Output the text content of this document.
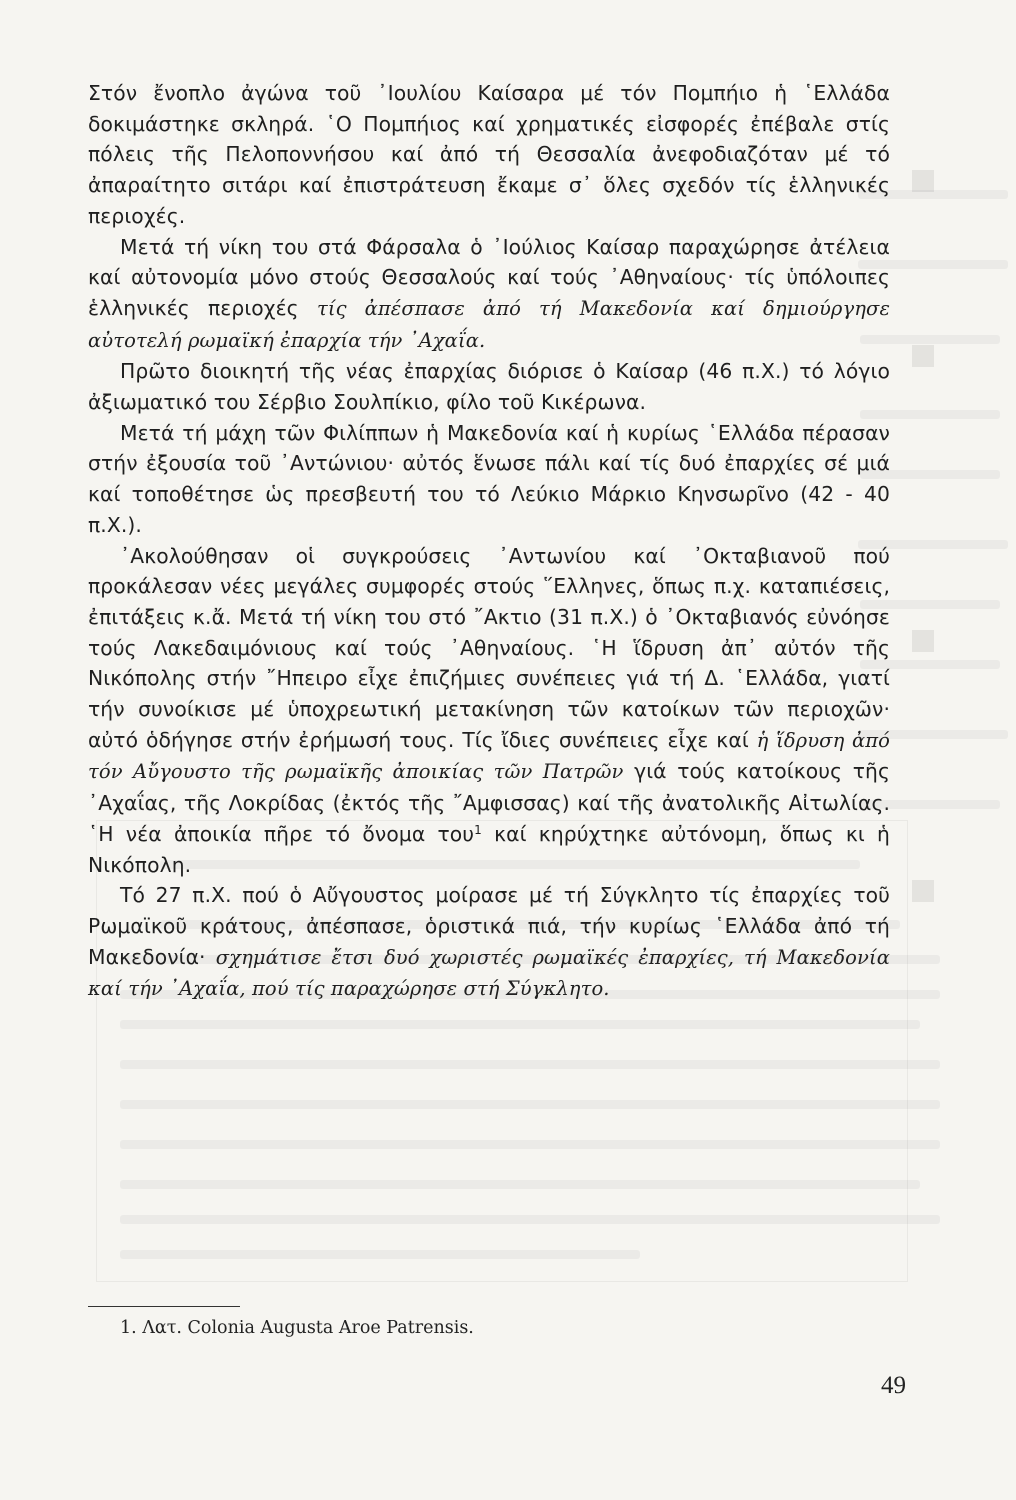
Στόν ἔνοπλο ἀγώνα τοῦ ᾿Ιουλίου Καίσαρα μέ τόν Πομπήιο ἡ ῾Ελλάδα δοκιμάστηκε σκληρά. ῾Ο Πομπήιος καί χρηματικές εἰσφορές ἐπέβαλε στίς πόλεις τῆς Πελοποννήσου καί ἀπό τή Θεσσαλία ἀνεφοδιαζόταν μέ τό ἀπαραίτητο σιτάρι καί ἐπιστράτευση ἔκαμε σ᾿ ὅλες σχεδόν τίς ἑλληνικές περιοχές.

Μετά τή νίκη του στά Φάρσαλα ὁ ᾿Ιούλιος Καίσαρ παραχώρησε ἀτέλεια καί αὐτονομία μόνο στούς Θεσσαλούς καί τούς ᾿Αθηναίους· τίς ὑπόλοιπες ἑλληνικές περιοχές τίς ἀπέσπασε ἀπό τή Μακεδονία καί δημιούργησε αὐτοτελή ρωμαϊκή ἐπαρχία τήν ᾿Αχαΐα.

Πρῶτο διοικητή τῆς νέας ἐπαρχίας διόρισε ὁ Καίσαρ (46 π.Χ.) τό λόγιο ἀξιωματικό του Σέρβιο Σουλπίκιο, φίλο τοῦ Κικέρωνα.

Μετά τή μάχη τῶν Φιλίππων ἡ Μακεδονία καί ἡ κυρίως ῾Ελλάδα πέρασαν στήν ἐξουσία τοῦ ᾿Αντώνιου· αὐτός ἕνωσε πάλι καί τίς δυό ἐπαρχίες σέ μιά καί τοποθέτησε ὡς πρεσβευτή του τό Λεύκιο Μάρκιο Κηνσωρῖνο (42 - 40 π.Χ.).

᾿Ακολούθησαν οἱ συγκρούσεις ᾿Αντωνίου καί ᾿Οκταβιανοῦ πού προκάλεσαν νέες μεγάλες συμφορές στούς ῞Ελληνες, ὅπως π.χ. καταπιέσεις, ἐπιτάξεις κ.ἄ. Μετά τή νίκη του στό ῎Ακτιο (31 π.Χ.) ὁ ᾿Οκταβιανός εὐνόησε τούς Λακεδαιμόνιους καί τούς ᾿Αθηναίους. ῾Η ἵδρυση ἀπ᾿ αὐτόν τῆς Νικόπολης στήν ῎Ηπειρο εἶχε ἐπιζήμιες συνέπειες γιά τή Δ. ῾Ελλάδα, γιατί τήν συνοίκισε μέ ὑποχρεωτική μετακίνηση τῶν κατοίκων τῶν περιοχῶν· αὐτό ὁδήγησε στήν ἐρήμωσή τους. Τίς ἴδιες συνέπειες εἶχε καί ἡ ἵδρυση ἀπό τόν Αὔγουστο τῆς ρωμαϊκῆς ἀποικίας τῶν Πατρῶν γιά τούς κατοίκους τῆς ᾿Αχαΐας, τῆς Λοκρίδας (ἐκτός τῆς ῎Αμφισσας) καί τῆς ἀνατολικῆς Αἰτωλίας. ῾Η νέα ἀποικία πῆρε τό ὄνομα του$^1$ καί κηρύχτηκε αὐτόνομη, ὅπως κι ἡ Νικόπολη.

Τό 27 π.Χ. πού ὁ Αὔγουστος μοίρασε μέ τή Σύγκλητο τίς ἐπαρχίες τοῦ Ρωμαϊκοῦ κράτους, ἀπέσπασε, ὁριστικά πιά, τήν κυρίως ῾Ελλάδα ἀπό τή Μακεδονία· σχημάτισε ἔτσι δυό χωριστές ρωμαϊκές ἐπαρχίες, τή Μακεδονία καί τήν ᾿Αχαΐα, πού τίς παραχώρησε στή Σύγκλητο.

1. Λατ. Colonia Augusta Aroe Patrensis.
49
